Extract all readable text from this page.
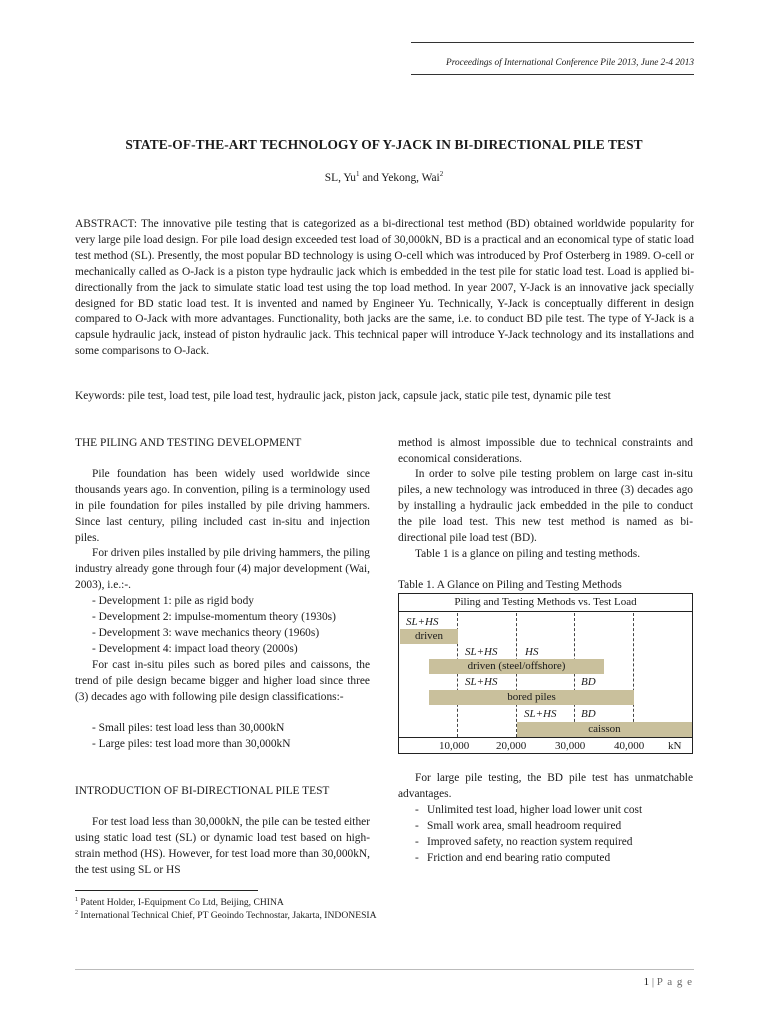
Proceedings of International Conference Pile 2013, June 2-4 2013
STATE-OF-THE-ART TECHNOLOGY OF Y-JACK IN BI-DIRECTIONAL PILE TEST
SL, Yu$^1$ and Yekong, Wai$^2$
ABSTRACT: The innovative pile testing that is categorized as a bi-directional test method (BD) obtained worldwide popularity for very large pile load design. For pile load design exceeded test load of 30,000kN, BD is a practical and an economical type of static load test method (SL). Presently, the most popular BD technology is using O-cell which was introduced by Prof Osterberg in 1989. O-cell or mechanically called as O-Jack is a piston type hydraulic jack which is embedded in the test pile for static load test. Load is applied bi-directionally from the jack to simulate static load test using the top load method. In year 2007, Y-Jack is an innovative jack specially designed for BD static load test. It is invented and named by Engineer Yu. Technically, Y-Jack is conceptually different in design compared to O-Jack with more advantages. Functionality, both jacks are the same, i.e. to conduct BD pile test. The type of Y-Jack is a capsule hydraulic jack, instead of piston hydraulic jack. This technical paper will introduce Y-Jack technology and its installations and some comparisons to O-Jack.
Keywords: pile test, load test, pile load test, hydraulic jack, piston jack, capsule jack, static pile test, dynamic pile test
THE PILING AND TESTING DEVELOPMENT
Pile foundation has been widely used worldwide since thousands years ago. In convention, piling is a terminology used in pile foundation for piles installed by pile driving hammers. Since last century, piling included cast in-situ and injection piles.
For driven piles installed by pile driving hammers, the piling industry already gone through four (4) major development (Wai, 2003), i.e.:-.
- Development 1: pile as rigid body
- Development 2: impulse-momentum theory (1930s)
- Development 3: wave mechanics theory (1960s)
- Development 4: impact load theory (2000s)
For cast in-situ piles such as bored piles and caissons, the trend of pile design became bigger and higher load since three (3) decades ago with following pile design classifications:-
- Small piles: test load less than 30,000kN
- Large piles: test load more than 30,000kN
INTRODUCTION OF BI-DIRECTIONAL PILE TEST
For test load less than 30,000kN, the pile can be tested either using static load test (SL) or dynamic load test based on high-strain method (HS). However, for test load more than 30,000kN, the test using SL or HS
$^1$ Patent Holder, I-Equipment Co Ltd, Beijing, CHINA
$^2$ International Technical Chief, PT Geoindo Technostar, Jakarta, INDONESIA
method is almost impossible due to technical constraints and economical considerations.
In order to solve pile testing problem on large cast in-situ piles, a new technology was introduced in three (3) decades ago by installing a hydraulic jack embedded in the pile to conduct the pile load test. This new test method is named as bi-directional pile load test (BD).
Table 1 is a glance on piling and testing methods.
Table 1. A Glance on Piling and Testing Methods
Piling and Testing Methods vs. Test Load
SL+HS
driven
SL+HS	HS
driven (steel/offshore)
SL+HS	BD
bored piles
SL+HS BD
caisson
10,000 20,000	30,000	40,000 kN
For large pile testing, the BD pile test has unmatchable advantages.
- Unlimited test load, higher load lower unit cost
- Small work area, small headroom required
- Improved safety, no reaction system required
- Friction and end bearing ratio computed
1 | P a g e
